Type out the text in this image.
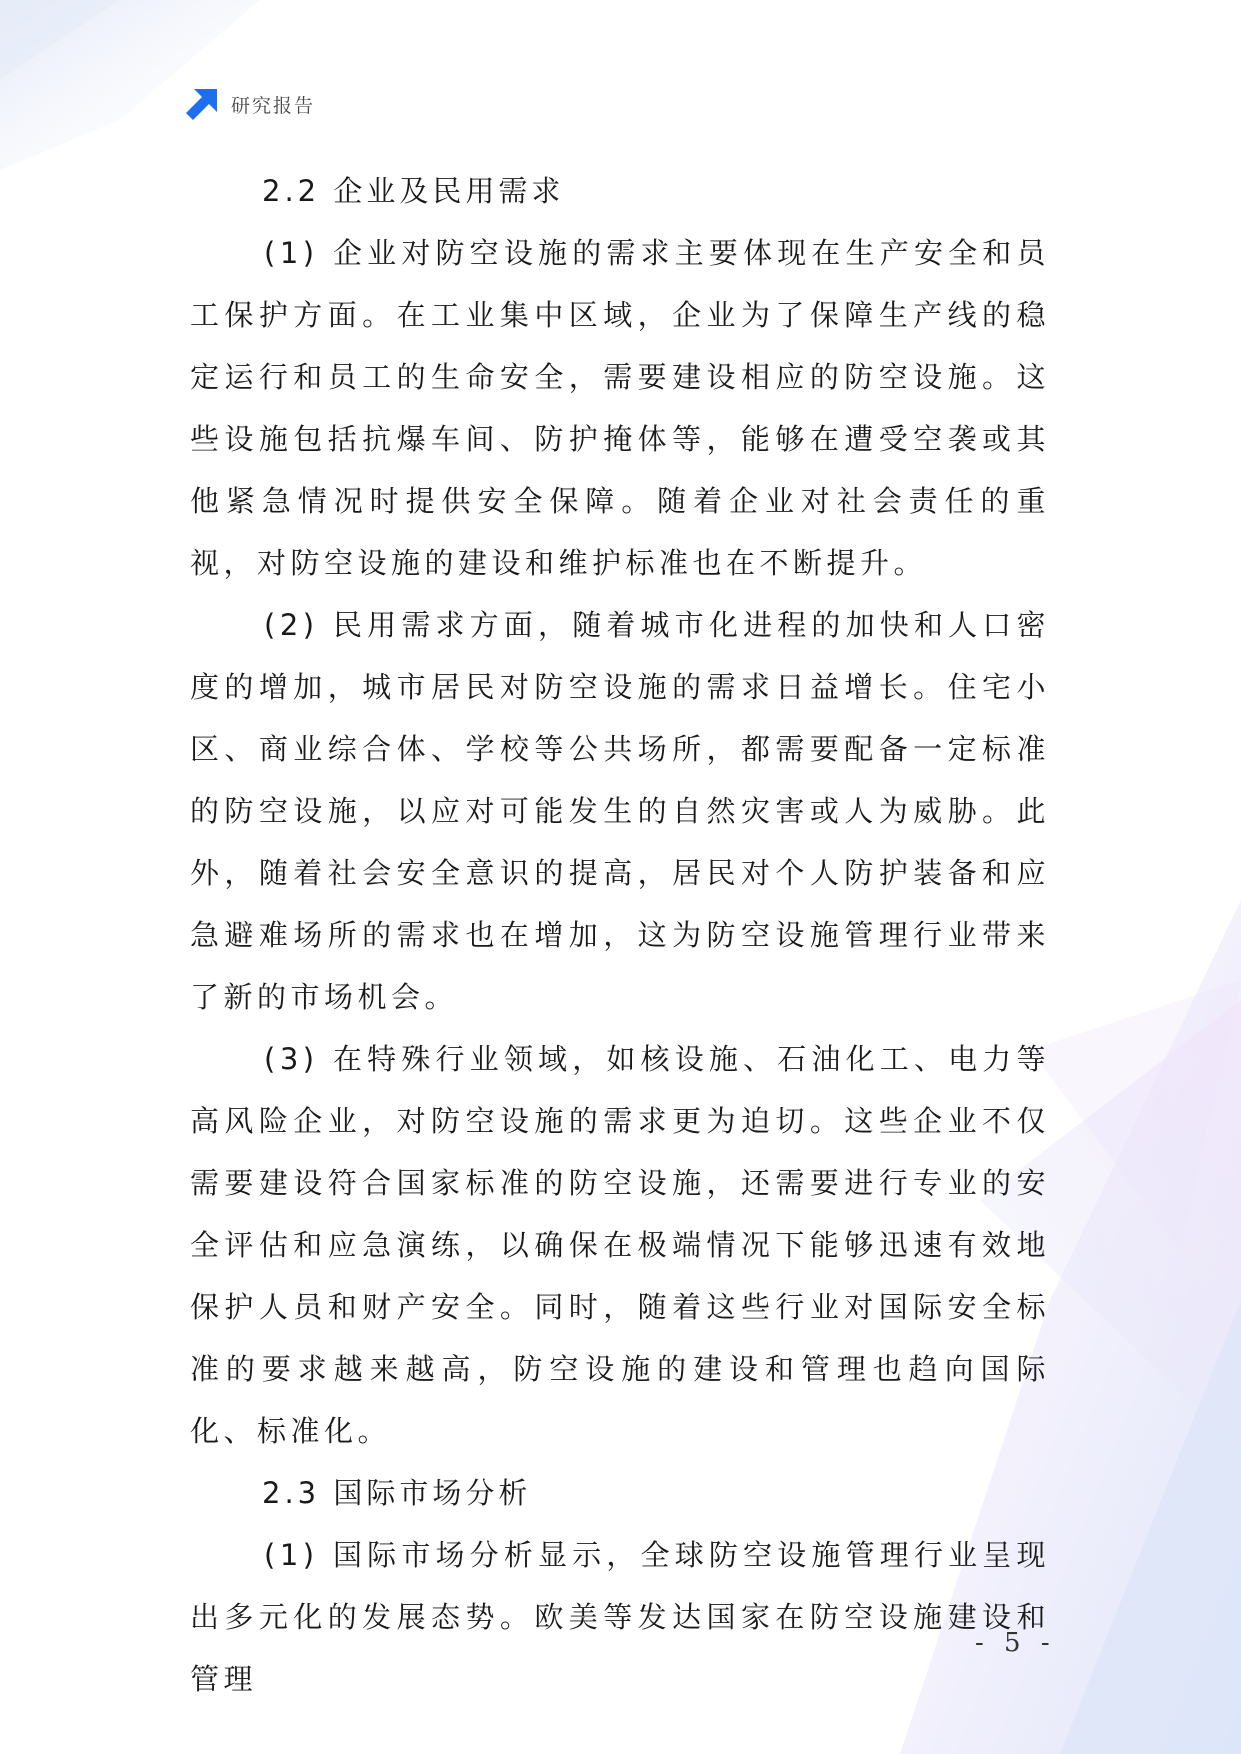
研究报告
2.2 企业及民用需求

(1) 企业对防空设施的需求主要体现在生产安全和员工保护方面。在工业集中区域，企业为了保障生产线的稳定运行和员工的生命安全，需要建设相应的防空设施。这些设施包括抗爆车间、防护掩体等，能够在遭受空袭或其他紧急情况时提供安全保障。随着企业对社会责任的重视，对防空设施的建设和维护标准也在不断提升。

(2) 民用需求方面，随着城市化进程的加快和人口密度的增加，城市居民对防空设施的需求日益增长。住宅小区、商业综合体、学校等公共场所，都需要配备一定标准的防空设施，以应对可能发生的自然灾害或人为威胁。此外，随着社会安全意识的提高，居民对个人防护装备和应急避难场所的需求也在增加，这为防空设施管理行业带来了新的市场机会。

(3) 在特殊行业领域，如核设施、石油化工、电力等高风险企业，对防空设施的需求更为迫切。这些企业不仅需要建设符合国家标准的防空设施，还需要进行专业的安全评估和应急演练，以确保在极端情况下能够迅速有效地保护人员和财产安全。同时，随着这些行业对国际安全标准的要求越来越高，防空设施的建设和管理也趋向国际化、标准化。

2.3 国际市场分析

(1) 国际市场分析显示，全球防空设施管理行业呈现出多元化的发展态势。欧美等发达国家在防空设施建设和管理

- 5 -
